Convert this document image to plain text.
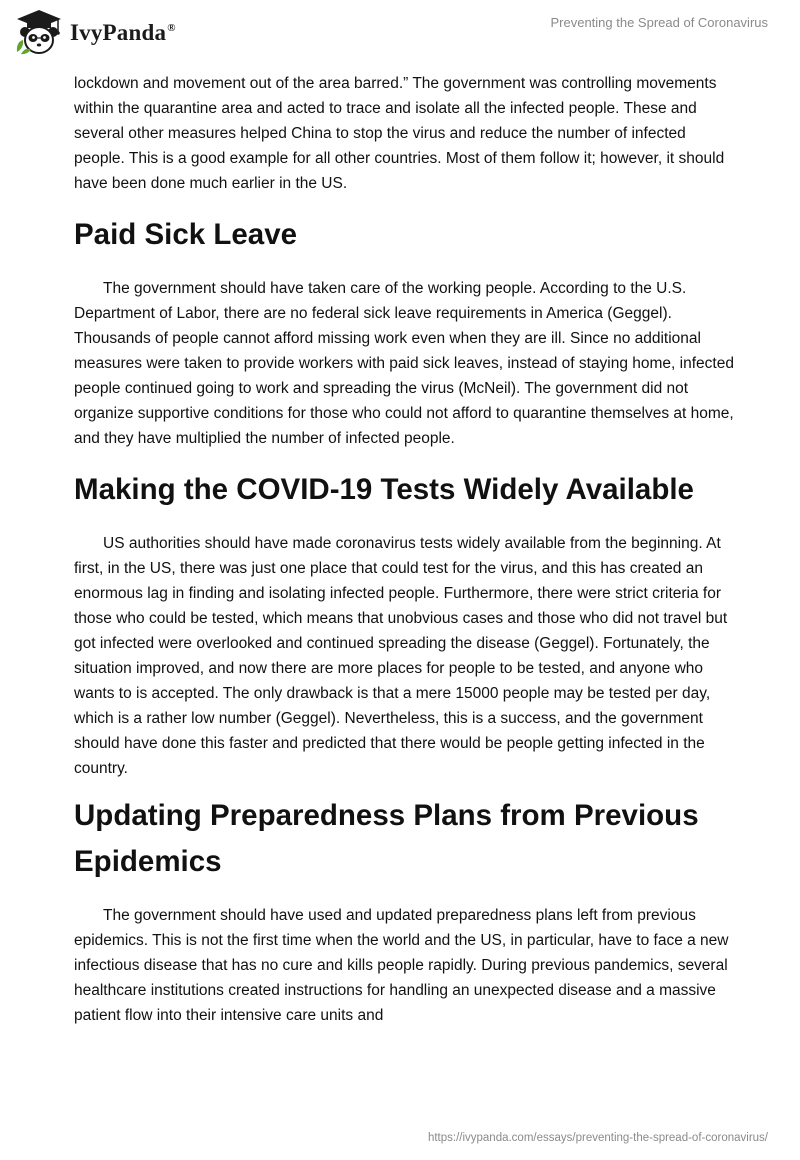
IvyPanda®	Preventing the Spread of Coronavirus

lockdown and movement out of the area barred.” The government was controlling movements within the quarantine area and acted to trace and isolate all the infected people. These and several other measures helped China to stop the virus and reduce the number of infected people. This is a good example for all other countries. Most of them follow it; however, it should have been done much earlier in the US.

Paid Sick Leave

The government should have taken care of the working people. According to the U.S. Department of Labor, there are no federal sick leave requirements in America (Geggel). Thousands of people cannot afford missing work even when they are ill. Since no additional measures were taken to provide workers with paid sick leaves, instead of staying home, infected people continued going to work and spreading the virus (McNeil). The government did not organize supportive conditions for those who could not afford to quarantine themselves at home, and they have multiplied the number of infected people.

Making the COVID-19 Tests Widely Available

US authorities should have made coronavirus tests widely available from the beginning. At first, in the US, there was just one place that could test for the virus, and this has created an enormous lag in finding and isolating infected people. Furthermore, there were strict criteria for those who could be tested, which means that unobvious cases and those who did not travel but got infected were overlooked and continued spreading the disease (Geggel). Fortunately, the situation improved, and now there are more places for people to be tested, and anyone who wants to is accepted. The only drawback is that a mere 15000 people may be tested per day, which is a rather low number (Geggel). Nevertheless, this is a success, and the government should have done this faster and predicted that there would be people getting infected in the country.

Updating Preparedness Plans from Previous Epidemics

The government should have used and updated preparedness plans left from previous epidemics. This is not the first time when the world and the US, in particular, have to face a new infectious disease that has no cure and kills people rapidly. During previous pandemics, several healthcare institutions created instructions for handling an unexpected disease and a massive patient flow into their intensive care units and

https://ivypanda.com/essays/preventing-the-spread-of-coronavirus/
